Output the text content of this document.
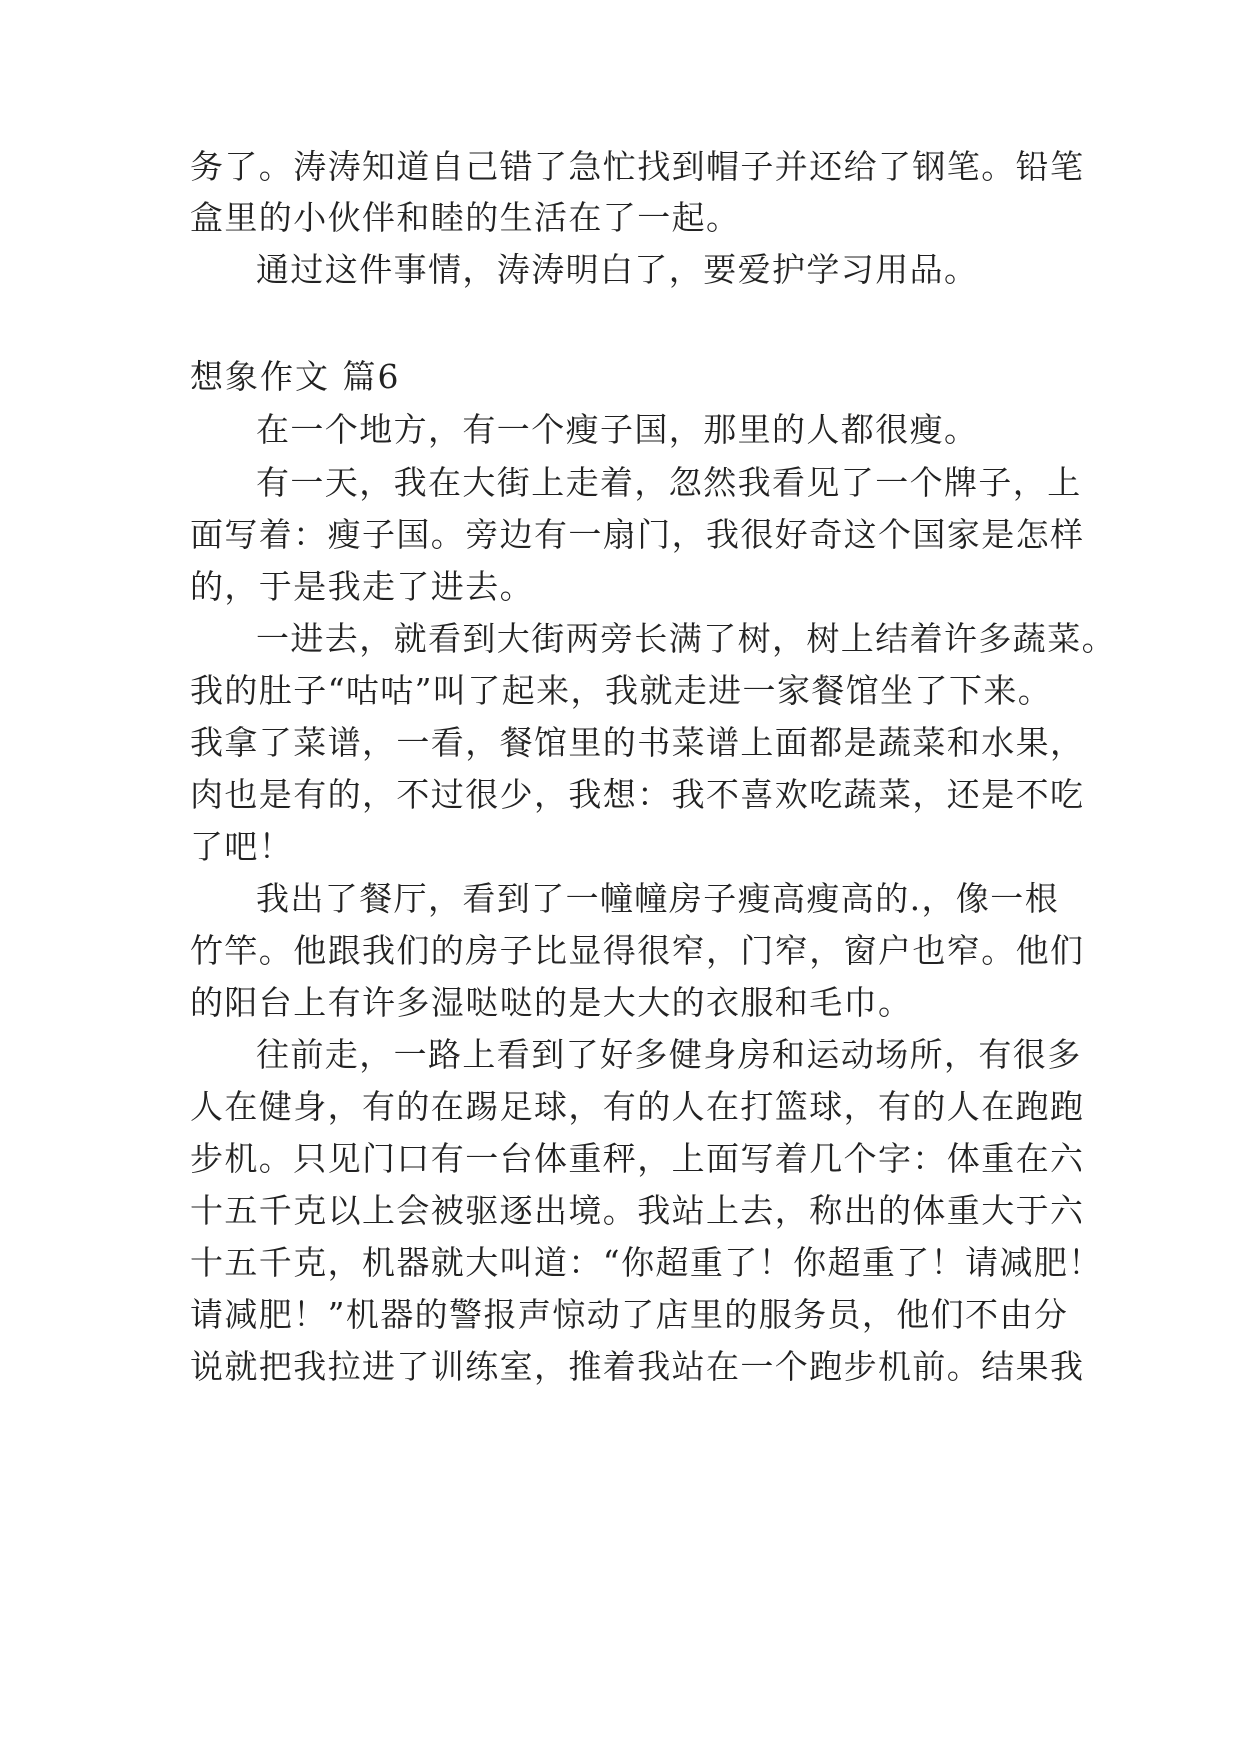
务了。涛涛知道自己错了急忙找到帽子并还给了钢笔。铅笔
盒里的小伙伴和睦的生活在了一起。
通过这件事情，涛涛明白了，要爱护学习用品。
想象作文 篇6
在一个地方，有一个瘦子国，那里的人都很瘦。
有一天，我在大街上走着，忽然我看见了一个牌子，上
面写着：瘦子国。旁边有一扇门，我很好奇这个国家是怎样
的，于是我走了进去。
一进去，就看到大街两旁长满了树，树上结着许多蔬菜。
我的肚子“咕咕”叫了起来，我就走进一家餐馆坐了下来。
我拿了菜谱，一看，餐馆里的书菜谱上面都是蔬菜和水果，
肉也是有的，不过很少，我想：我不喜欢吃蔬菜，还是不吃
了吧！
我出了餐厅，看到了一幢幢房子瘦高瘦高的.，像一根
竹竿。他跟我们的房子比显得很窄，门窄，窗户也窄。他们
的阳台上有许多湿哒哒的是大大的衣服和毛巾。
往前走，一路上看到了好多健身房和运动场所，有很多
人在健身，有的在踢足球，有的人在打篮球，有的人在跑跑
步机。只见门口有一台体重秤，上面写着几个字：体重在六
十五千克以上会被驱逐出境。我站上去，称出的体重大于六
十五千克，机器就大叫道：“你超重了！你超重了！请减肥！
请减肥！”机器的警报声惊动了店里的服务员，他们不由分
说就把我拉进了训练室，推着我站在一个跑步机前。结果我
